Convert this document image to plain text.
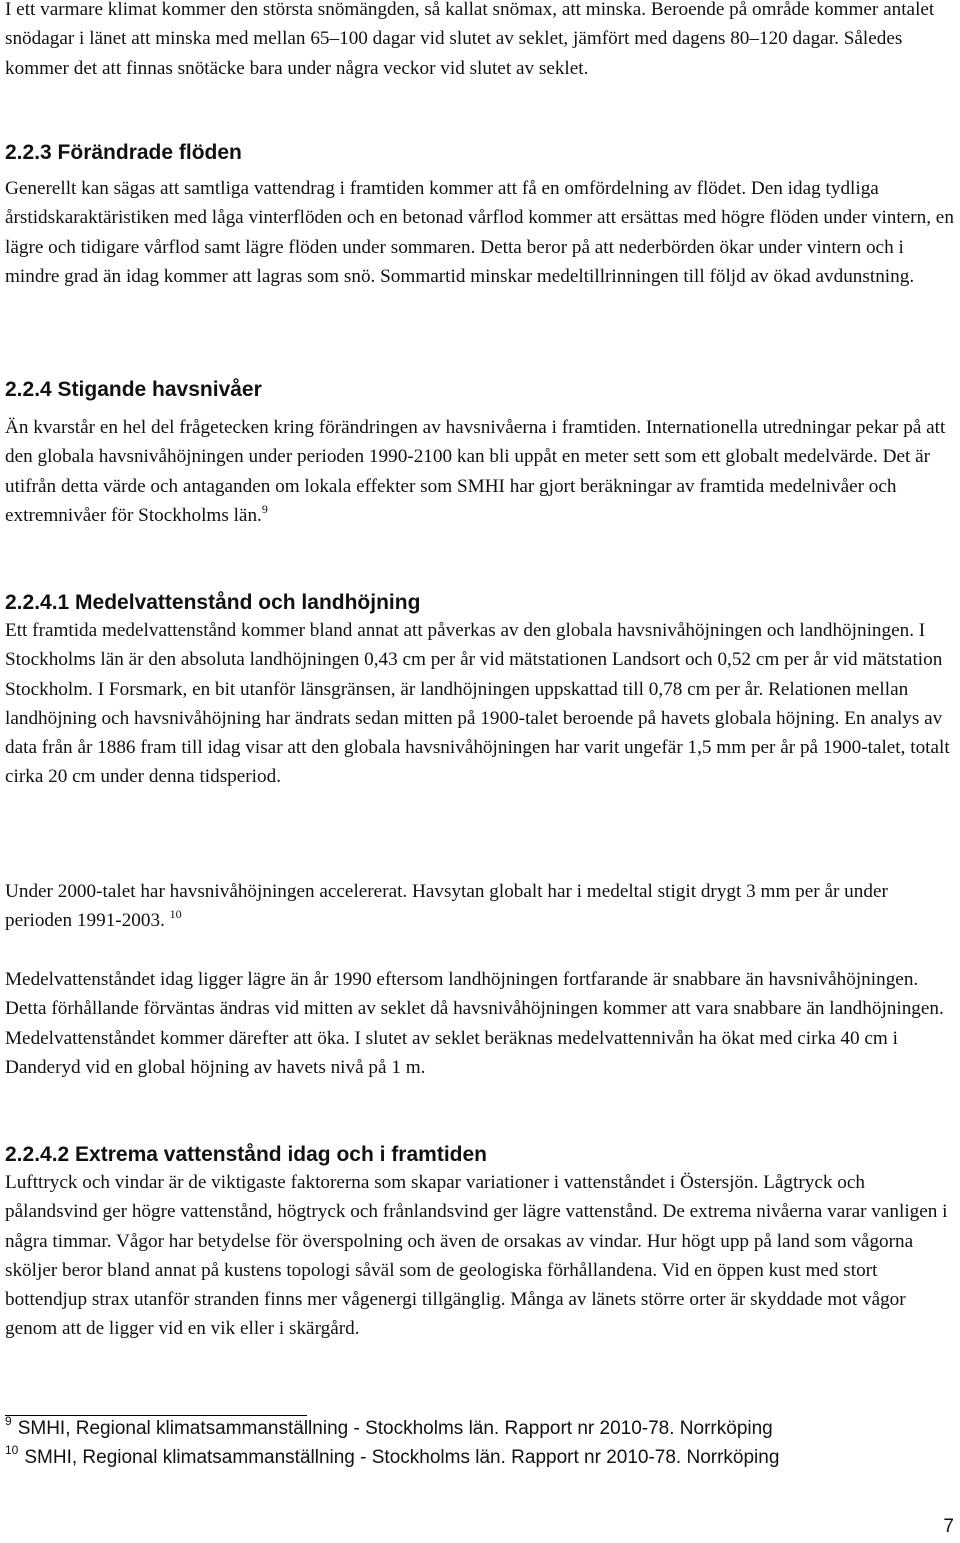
I ett varmare klimat kommer den största snömängden, så kallat snömax, att minska. Beroende på område kommer antalet snödagar i länet att minska med mellan 65–100 dagar vid slutet av seklet, jämfört med dagens 80–120 dagar. Således kommer det att finnas snötäcke bara under några veckor vid slutet av seklet.

2.2.3 Förändrade flöden

Generellt kan sägas att samtliga vattendrag i framtiden kommer att få en omfördelning av flödet. Den idag tydliga årstidskaraktäristiken med låga vinterflöden och en betonad vårflod kommer att ersättas med högre flöden under vintern, en lägre och tidigare vårflod samt lägre flöden under sommaren. Detta beror på att nederbörden ökar under vintern och i mindre grad än idag kommer att lagras som snö. Sommartid minskar medeltillrinningen till följd av ökad avdunstning.

2.2.4 Stigande havsnivåer

Än kvarstår en hel del frågetecken kring förändringen av havsnivåerna i framtiden. Internationella utredningar pekar på att den globala havsnivåhöjningen under perioden 1990-2100 kan bli uppåt en meter sett som ett globalt medelvärde. Det är utifrån detta värde och antaganden om lokala effekter som SMHI har gjort beräkningar av framtida medelnivåer och extremnivåer för Stockholms län.$^9$

2.2.4.1 Medelvattenstånd och landhöjning

Ett framtida medelvattenstånd kommer bland annat att påverkas av den globala havsnivåhöjningen och landhöjningen. I Stockholms län är den absoluta landhöjningen 0,43 cm per år vid mätstationen Landsort och 0,52 cm per år vid mätstation Stockholm. I Forsmark, en bit utanför länsgränsen, är landhöjningen uppskattad till 0,78 cm per år. Relationen mellan landhöjning och havsnivåhöjning har ändrats sedan mitten på 1900-talet beroende på havets globala höjning. En analys av data från år 1886 fram till idag visar att den globala havsnivåhöjningen har varit ungefär 1,5 mm per år på 1900-talet, totalt cirka 20 cm under denna tidsperiod.

Under 2000-talet har havsnivåhöjningen accelererat. Havsytan globalt har i medeltal stigit drygt 3 mm per år under perioden 1991-2003. $^{10}$

Medelvattenståndet idag ligger lägre än år 1990 eftersom landhöjningen fortfarande är snabbare än havsnivåhöjningen. Detta förhållande förväntas ändras vid mitten av seklet då havsnivåhöjningen kommer att vara snabbare än landhöjningen. Medelvattenståndet kommer därefter att öka. I slutet av seklet beräknas medelvattennivån ha ökat med cirka 40 cm i Danderyd vid en global höjning av havets nivå på 1 m.

2.2.4.2 Extrema vattenstånd idag och i framtiden

Lufttryck och vindar är de viktigaste faktorerna som skapar variationer i vattenståndet i Östersjön. Lågtryck och pålandsvind ger högre vattenstånd, högtryck och frånlandsvind ger lägre vattenstånd. De extrema nivåerna varar vanligen i några timmar. Vågor har betydelse för överspolning och även de orsakas av vindar. Hur högt upp på land som vågorna sköljer beror bland annat på kustens topologi såväl som de geologiska förhållandena. Vid en öppen kust med stort bottendjup strax utanför stranden finns mer vågenergi tillgänglig. Många av länets större orter är skyddade mot vågor genom att de ligger vid en vik eller i skärgård.

$^9$ SMHI, Regional klimatsammanställning - Stockholms län. Rapport nr 2010-78. Norrköping
$^{10}$ SMHI, Regional klimatsammanställning - Stockholms län. Rapport nr 2010-78. Norrköping
7
